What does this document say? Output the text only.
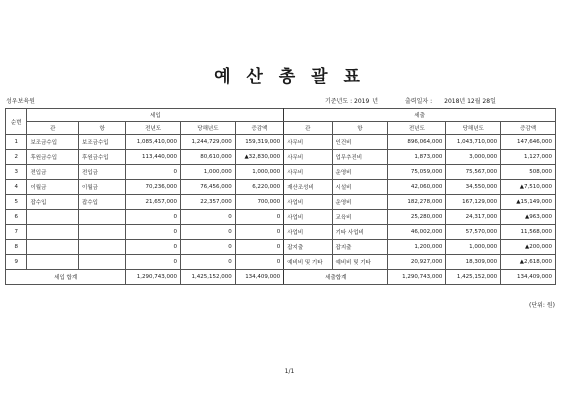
예 산 총 괄 표
성우보육원	기준년도 : 2019 년	출력일자 : 2018년 12월 28일
순번	세입					세출				
	관	항	전년도	당해년도	증감액	관	항	전년도	당해년도	증감액
1	보조금수입	보조금수입	1,085,410,000	1,244,729,000	159,319,000	사무비	인건비	896,064,000	1,043,710,000	147,646,000
2	후원금수입	후원금수입	113,440,000	80,610,000	▲32,830,000	사무비	업무추진비	1,873,000	3,000,000	1,127,000
3	전입금	전입금	0	1,000,000	1,000,000	사무비	운영비	75,059,000	75,567,000	508,000
4	이월금	이월금	70,236,000	76,456,000	6,220,000	재산조성비	시설비	42,060,000	34,550,000	▲7,510,000
5	잡수입	잡수입	21,657,000	22,357,000	700,000	사업비	운영비	182,278,000	167,129,000	▲15,149,000
6			0	0	0	사업비	교육비	25,280,000	24,317,000	▲963,000
7			0	0	0	사업비	기타 사업비	46,002,000	57,570,000	11,568,000
8			0	0	0	잡지출	잡지출	1,200,000	1,000,000	▲200,000
9			0	0	0	예비비 및 기타	예비비 및 기타	20,927,000	18,309,000	▲2,618,000
세입 합계			1,290,743,000	1,425,152,000	134,409,000	세출합계		1,290,743,000	1,425,152,000	134,409,000
(단위: 원)
1/1
